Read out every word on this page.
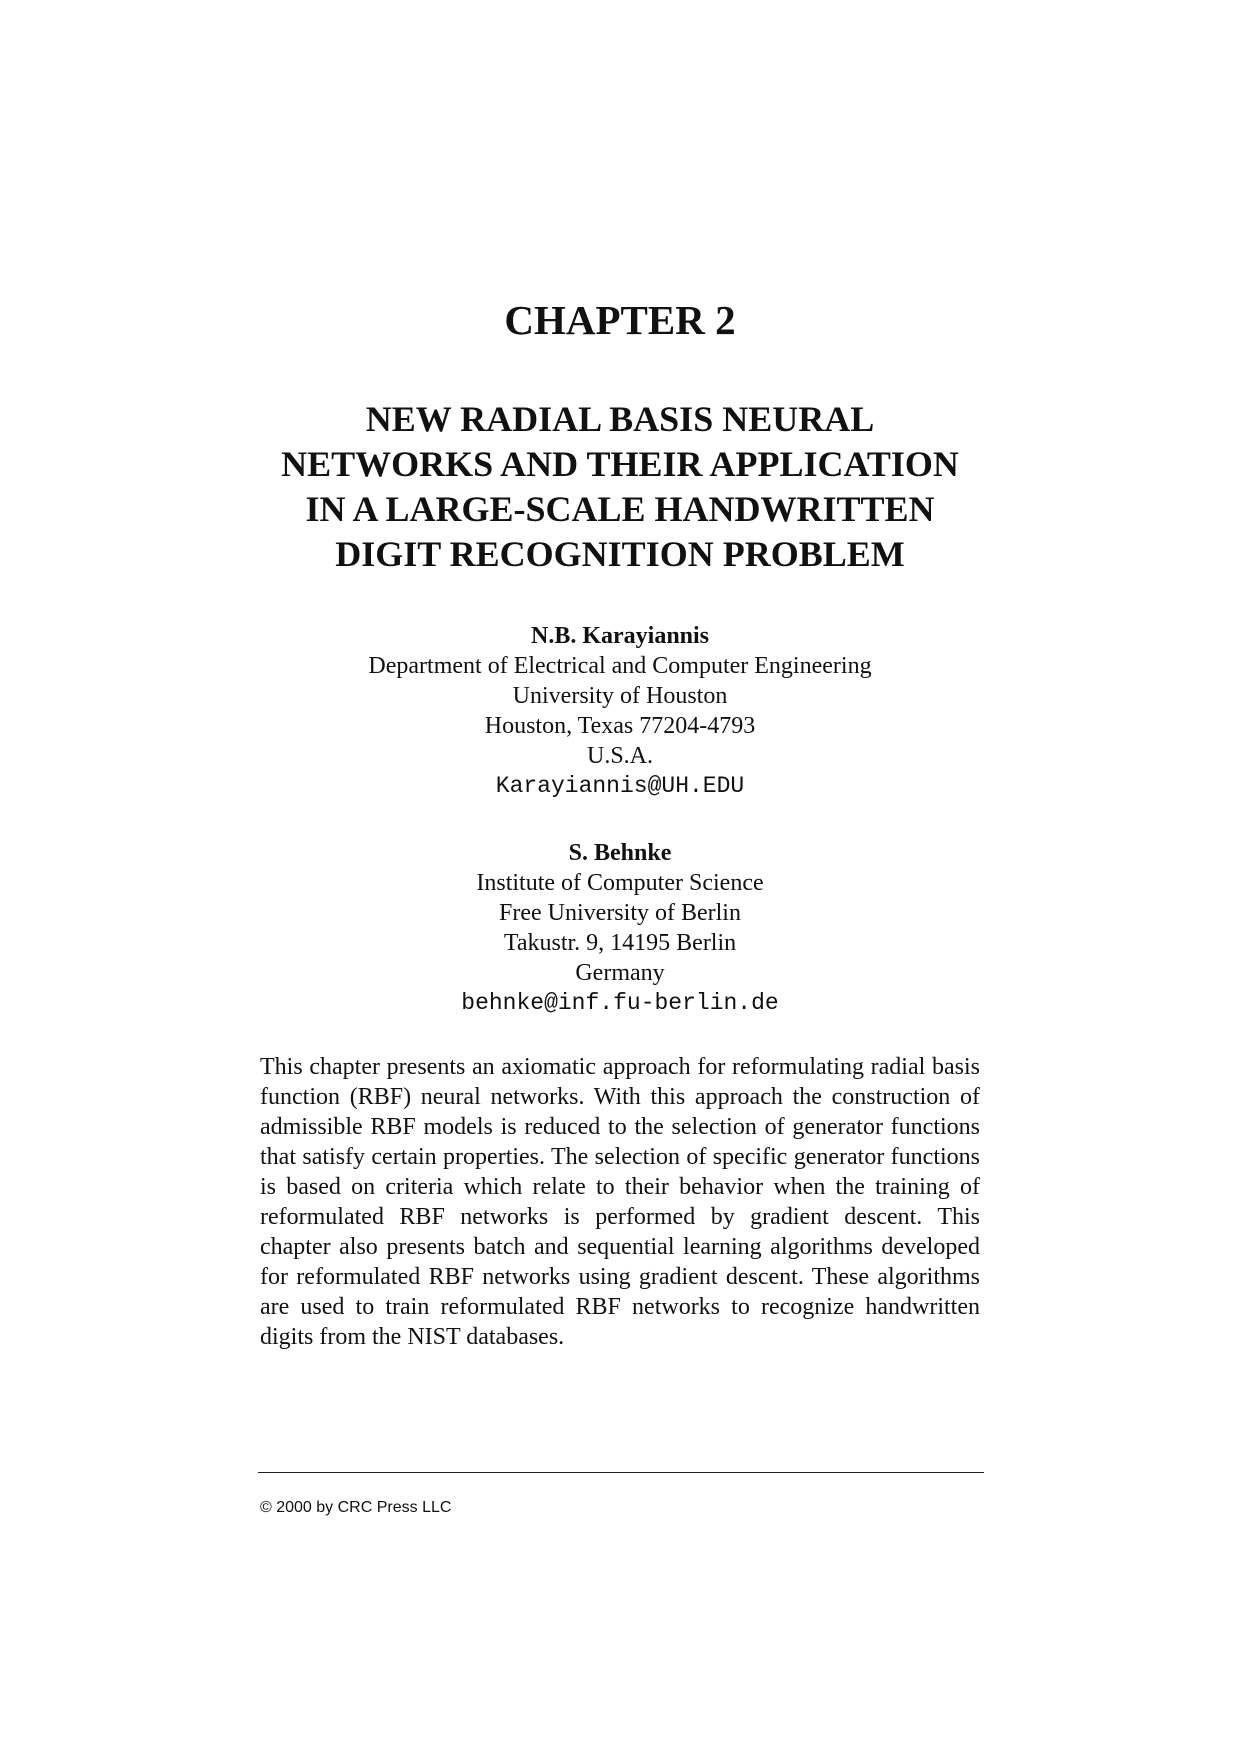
CHAPTER 2
NEW RADIAL BASIS NEURAL
NETWORKS AND THEIR APPLICATION
IN A LARGE-SCALE HANDWRITTEN
DIGIT RECOGNITION PROBLEM
N.B. Karayiannis
Department of Electrical and Computer Engineering
University of Houston
Houston, Texas 77204-4793
U.S.A.
Karayiannis@UH.EDU
S. Behnke
Institute of Computer Science
Free University of Berlin
Takustr. 9, 14195 Berlin
Germany
behnke@inf.fu-berlin.de

This chapter presents an axiomatic approach for reformulating radial basis function (RBF) neural networks. With this approach the construction of admissible RBF models is reduced to the selection of generator functions that satisfy certain properties. The selection of specific generator functions is based on criteria which relate to their behavior when the training of reformulated RBF networks is performed by gradient descent. This chapter also presents batch and sequential learning algorithms developed for reformulated RBF networks using gradient descent. These algorithms are used to train reformulated RBF networks to recognize handwritten digits from the NIST databases.

© 2000 by CRC Press LLC
